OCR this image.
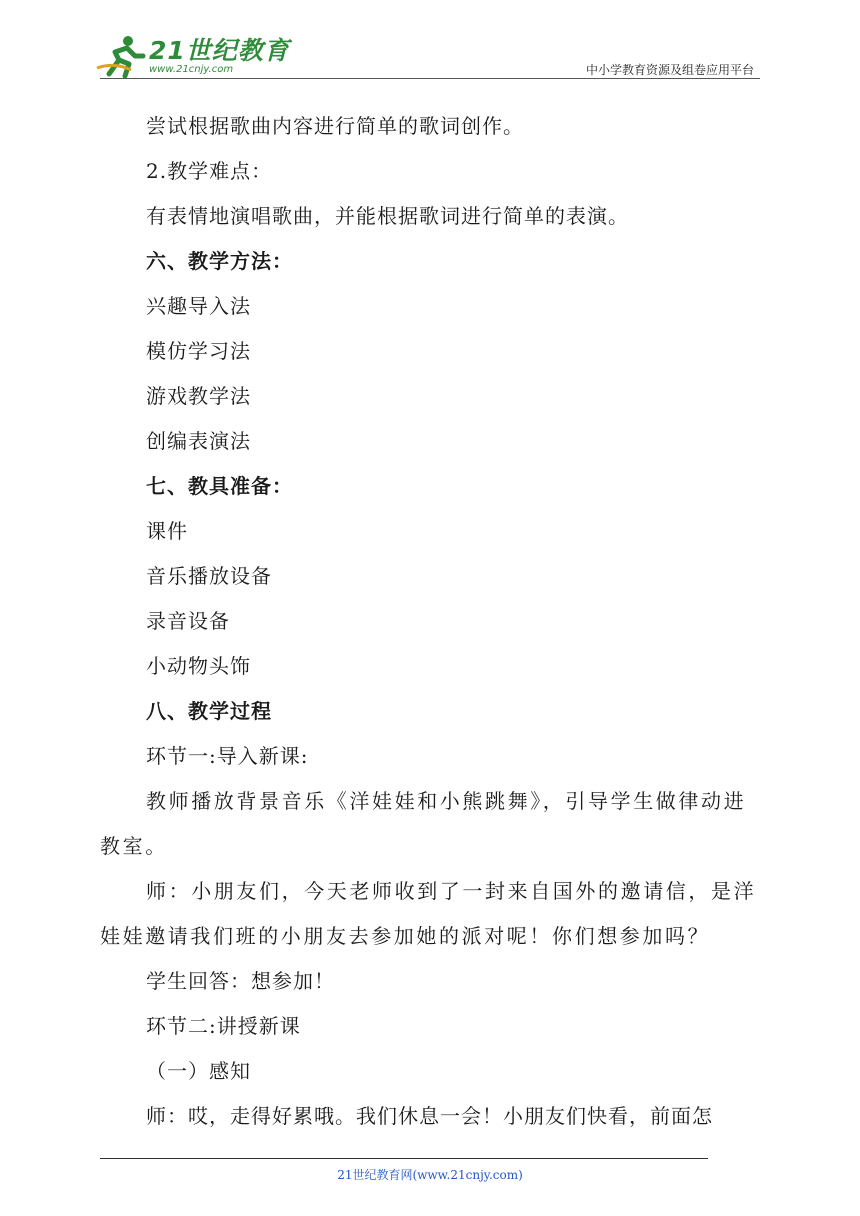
21世纪教育
www.21cnjy.com	中小学教育资源及组卷应用平台

尝试根据歌曲内容进行简单的歌词创作。

2.教学难点：

有表情地演唱歌曲，并能根据歌词进行简单的表演。

六、教学方法：

兴趣导入法

模仿学习法

游戏教学法

创编表演法

七、教具准备：

课件

音乐播放设备

录音设备

小动物头饰

八、教学过程

环节一:导入新课:

教师播放背景音乐《洋娃娃和小熊跳舞》，引导学生做律动进教室。
师：小朋友们，今天老师收到了一封来自国外的邀请信，是洋娃娃邀请我们班的小朋友去参加她的派对呢！你们想参加吗？

学生回答：想参加！

环节二:讲授新课

（一）感知

师：哎，走得好累哦。我们休息一会！小朋友们快看，前面怎

21世纪教育网(www.21cnjy.com)
